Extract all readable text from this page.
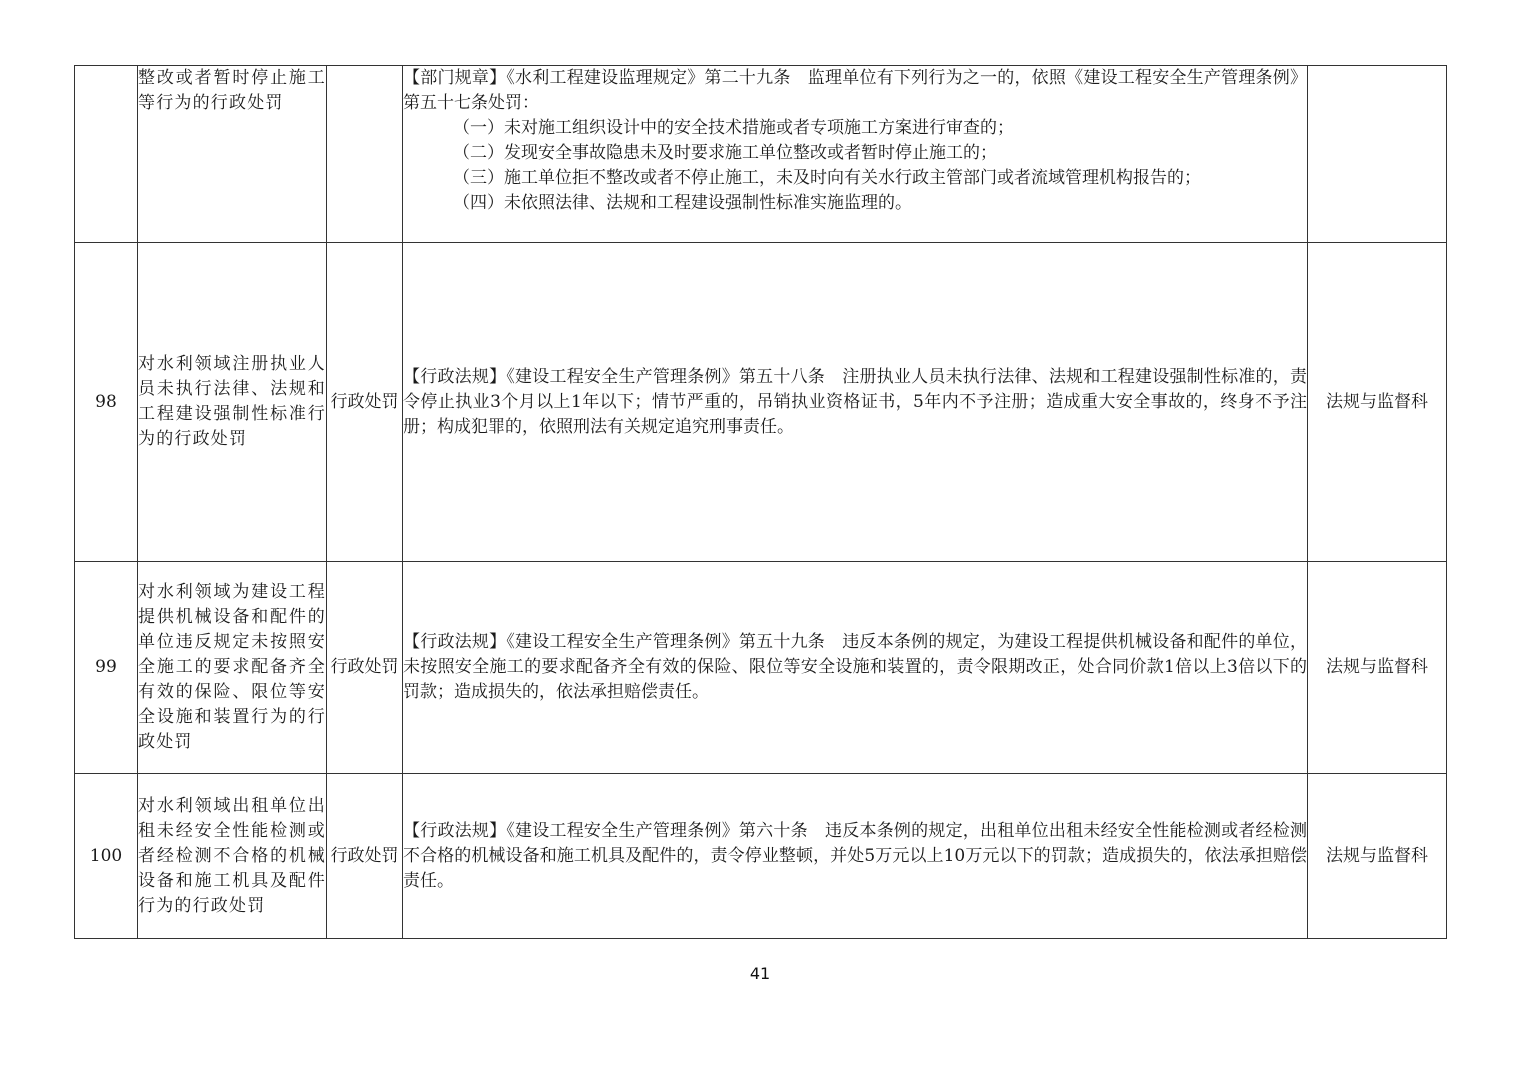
	整改或者暂时停止施工等行为的行政处罚		【部门规章】《水利工程建设监理规定》第二十九条　监理单位有下列行为之一的，依照《建设工程安全生产管理条例》第五十七条处罚：
（一）未对施工组织设计中的安全技术措施或者专项施工方案进行审查的；
（二）发现安全事故隐患未及时要求施工单位整改或者暂时停止施工的；
（三）施工单位拒不整改或者不停止施工，未及时向有关水行政主管部门或者流域管理机构报告的；
（四）未依照法律、法规和工程建设强制性标准实施监理的。	

98	对水利领域注册执业人员未执行法律、法规和工程建设强制性标准行为的行政处罚	行政处罚	【行政法规】《建设工程安全生产管理条例》第五十八条　注册执业人员未执行法律、法规和工程建设强制性标准的，责令停止执业3个月以上1年以下；情节严重的，吊销执业资格证书，5年内不予注册；造成重大安全事故的，终身不予注册；构成犯罪的，依照刑法有关规定追究刑事责任。	法规与监督科
99	对水利领域为建设工程提供机械设备和配件的单位违反规定未按照安全施工的要求配备齐全有效的保险、限位等安全设施和装置行为的行政处罚	行政处罚	【行政法规】《建设工程安全生产管理条例》第五十九条　违反本条例的规定，为建设工程提供机械设备和配件的单位，未按照安全施工的要求配备齐全有效的保险、限位等安全设施和装置的，责令限期改正，处合同价款1倍以上3倍以下的罚款；造成损失的，依法承担赔偿责任。	法规与监督科
100	对水利领域出租单位出租未经安全性能检测或者经检测不合格的机械设备和施工机具及配件行为的行政处罚	行政处罚	【行政法规】《建设工程安全生产管理条例》第六十条　违反本条例的规定，出租单位出租未经安全性能检测或者经检测不合格的机械设备和施工机具及配件的，责令停业整顿，并处5万元以上10万元以下的罚款；造成损失的，依法承担赔偿责任。	法规与监督科
41
